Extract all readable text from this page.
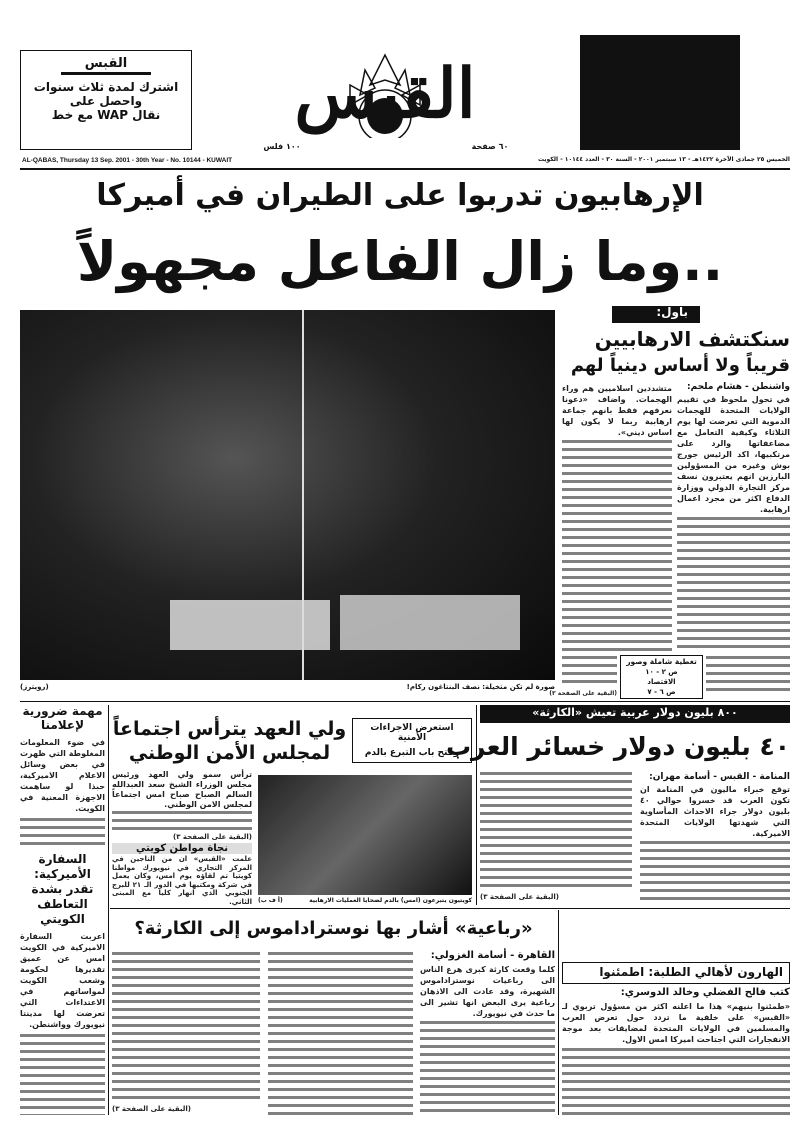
القبس
اشترك لمدة ثلاث سنوات
واحصل على
نقال WAP مع خط	القبس
١٠٠ فلس	٦٠ صفحة
AL-QABAS, Thursday 13 Sep. 2001 - 30th Year - No. 10144 - KUWAIT	الخميس ٢٥ جمادى الآخرة ١٤٢٢هـ - ١٣ سبتمبر ٢٠٠١ - السنة ٣٠ - العدد ١٠١٤٤ - الكويت
الإرهابيون تدربوا على الطيران في أميركا
..وما زال الفاعل مجهولاً
صورة لم تكن متخيلة: نصف البنتاغون ركام!
(رويترز)
باول:
سنكتشف الارهابيين
قريباً ولا أساس دينياً لهم
واشنطن - هشام ملحم:
في تحول ملحوظ في تقييم الولايات المتحدة للهجمات الدموية التي تعرضت لها يوم الثلاثاء وكيفية التعامل مع مضاعفاتها والرد على مرتكبيها، اكد الرئيس جورج بوش وغيره من المسؤولين البارزين انهم يعتبرون نسف مركز التجارة الدولي ووزارة الدفاع اكثر من مجرد اعمال ارهابية.
متشددين اسلاميين هم وراء الهجمات. واضاف «دعونا نعرفهم فقط بانهم جماعة ارهابية ربما لا يكون لها اساس ديني».
(البقية على الصفحة ٣)
تغطية شاملة وصور
ص ٢ - ١٠
الاقتصاد
ص ٦ - ٧
مهمة ضرورية لإعلامنا
في ضوء المعلومات المغلوطة التي ظهرت في بعض وسائل الاعلام الاميركية، حبذا لو ساهمت الاجهزة المعنية في الكويت.
السفارة الأميركية: تقدر بشدة التعاطف الكويتي
اعربت السفارة الاميركية في الكويت امس عن عميق تقديرها لحكومة وشعب الكويت لمواساتهم في الاعتداءات التي تعرضت لها مدينتا نيويورك وواشنطن.
ولي العهد يترأس اجتماعاً
لمجلس الأمن الوطني
استعرض الاجراءات الأمنية
وفتح باب التبرع بالدم
ترأس سمو ولي العهد ورئيس مجلس الوزراء الشيخ سعد العبدالله السالم الصباح صباح امس اجتماعاً لمجلس الامن الوطني.
(البقية على الصفحة ٣)
نجاة مواطن كويتي
علمت «القبس» ان من الناجين في المركز التجاري في نيويورك مواطنا كويتيا تم لقاؤه يوم امس، وكان يعمل في شركة ومكتبها في الدور الـ ٢١ للبرج الجنوبي الذي انهار كليا مع المبنى الثاني.	كويتيون يتبرعون (امس) بالدم لضحايا العمليات الارهابية
(أ ف ب)
٨٠٠ بليون دولار عربية تعيش «الكارثة»
٤٠ بليون دولار خسائر العرب
المنامة - القبس - أسامة مهران:
توقع خبراء ماليون في المنامة ان تكون العرب قد خسروا حوالي ٤٠ بليون دولار جراء الاحداث المأساوية التي شهدتها الولايات المتحدة الاميركية.
(البقية على الصفحة ٣)
«رباعية» أشار بها نوستراداموس إلى الكارثة؟
القاهرة - أسامة الغزولي:
كلما وقعت كارثة كبرى هرع الناس الى رباعيات نوستراداموس الشهيرة، وقد عادت الى الاذهان رباعية يرى البعض انها تشير الى ما حدث في نيويورك.
(البقية على الصفحة ٣)
الهارون لأهالي الطلبة: اطمئنوا
كتب فالح الفضلي وخالد الدوسري:
«طمئنوا بنيهم» هذا ما اعلنه اكثر من مسؤول تربوي لـ «القبس» على خلفية ما تردد حول تعرض العرب والمسلمين في الولايات المتحدة لمضايقات بعد موجة الانفجارات التي اجتاحت اميركا امس الاول.
